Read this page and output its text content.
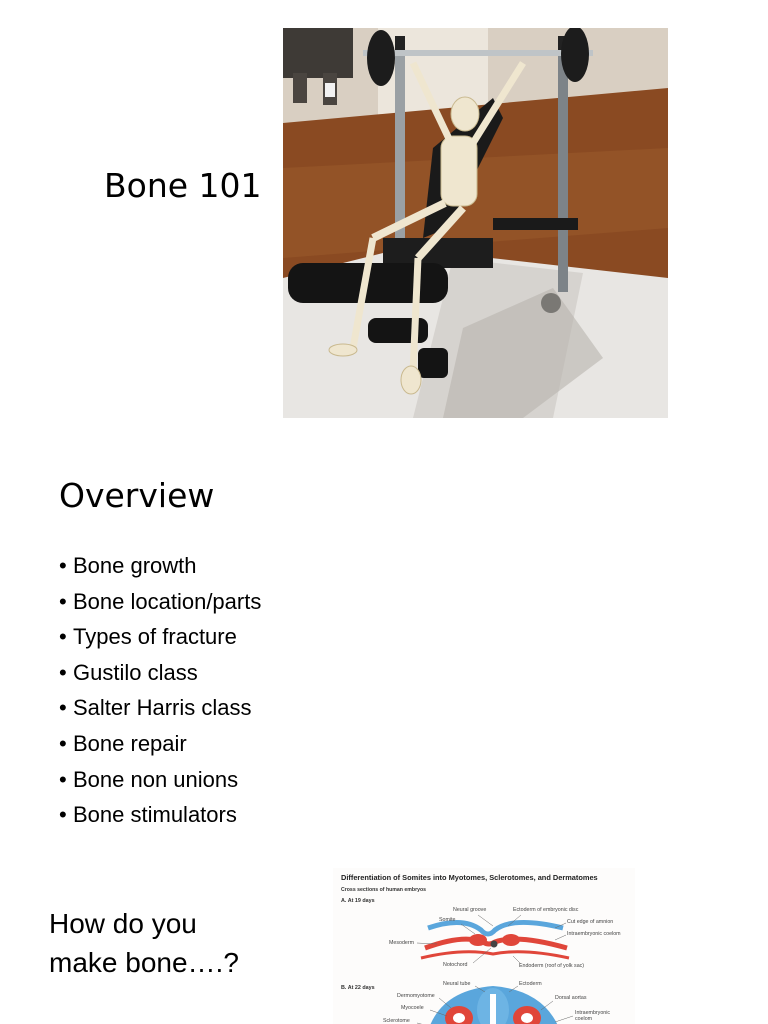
Bone 101
Overview
• Bone growth
• Bone location/parts
• Types of fracture
• Gustilo class
• Salter Harris class
• Bone repair
• Bone non unions
• Bone stimulators
How do you
make bone….?
Differentiation of Somites into Myotomes, Sclerotomes, and Dermatomes
Cross sections of human embryos
A. At 19 days
Neural groove	Ectoderm of embryonic disc
Somite	Cut edge of amnion
Intraembryonic coelom
Mesoderm
Notochord	Endoderm (roof of yolk sac)
B. At 22 days
Neural tube	Ectoderm
Dermomyotome	Dorsal aortas
Myocoele
Intraembryonic
coelom
Sclerotome
